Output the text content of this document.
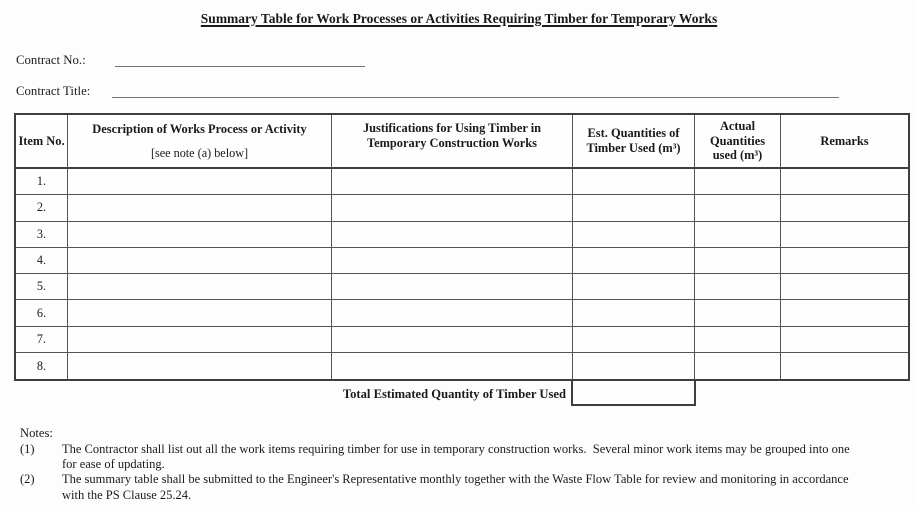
Summary Table for Work Processes or Activities Requiring Timber for Temporary Works
Contract No.:
Contract Title:
Item No.
Description of Works Process or Activity
[see note (a) below]
Justifications for Using Timber in
Temporary Construction Works
Est. Quantities of
Timber Used (m³)
Actual
Quantities
used (m³)
Remarks
1.
2.
3.
4.
5.
6.
7.
8.
Total Estimated Quantity of Timber Used
Notes:
(1)	The Contractor shall list out all the work items requiring timber for use in temporary construction works.  Several minor work items may be grouped into one
for ease of updating.
(2)	The summary table shall be submitted to the Engineer's Representative monthly together with the Waste Flow Table for review and monitoring in accordance
with the PS Clause 25.24.
